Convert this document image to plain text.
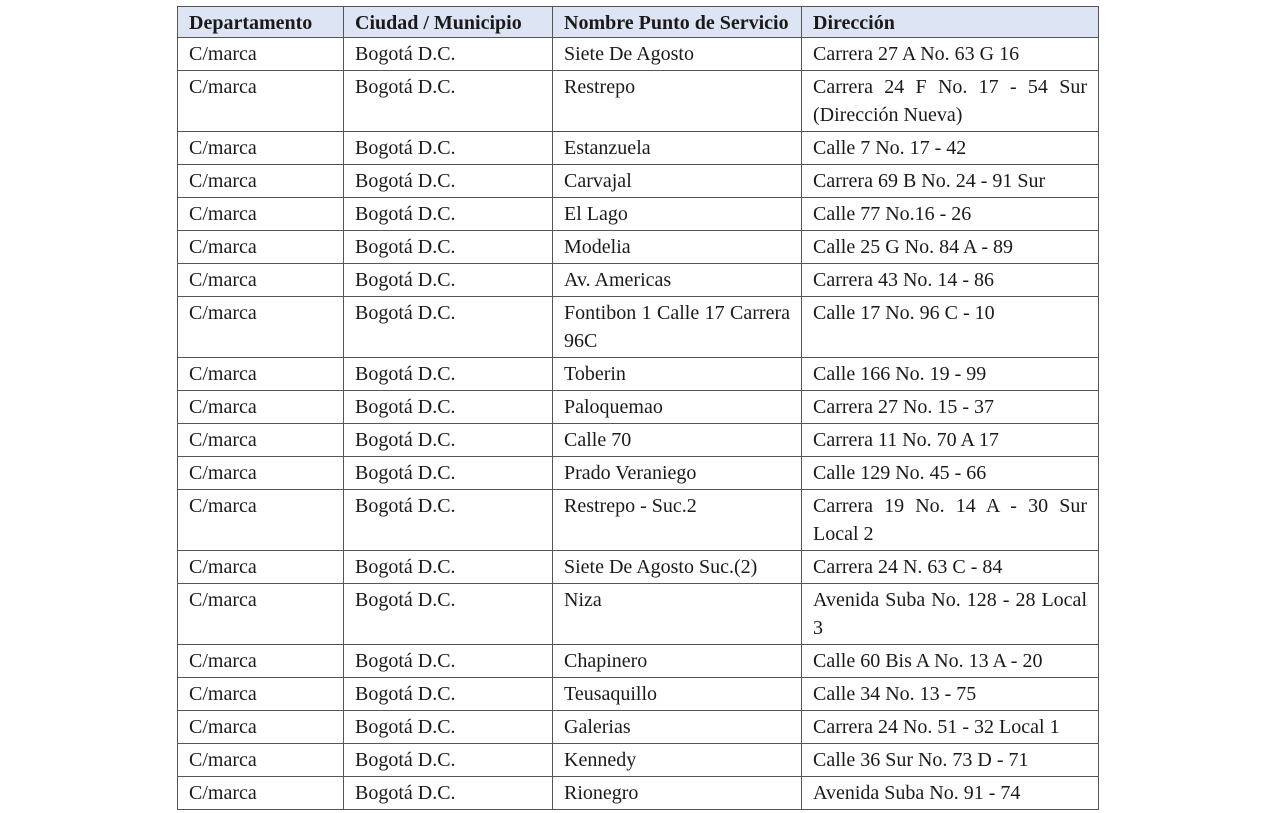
Departamento	Ciudad / Municipio	Nombre Punto de Servicio	Dirección
C/marca	Bogotá D.C.	Siete De Agosto	Carrera 27 A No. 63 G 16
C/marca	Bogotá D.C.	Restrepo	Carrera 24 F No. 17 - 54 Sur (Dirección Nueva)
C/marca	Bogotá D.C.	Estanzuela	Calle 7 No. 17 - 42
C/marca	Bogotá D.C.	Carvajal	Carrera 69 B No. 24 - 91 Sur
C/marca	Bogotá D.C.	El Lago	Calle 77 No.16 - 26
C/marca	Bogotá D.C.	Modelia	Calle 25 G No. 84 A - 89
C/marca	Bogotá D.C.	Av. Americas	Carrera 43 No. 14 - 86
C/marca	Bogotá D.C.	Fontibon 1 Calle 17 Carrera 96C	Calle 17 No. 96 C - 10
C/marca	Bogotá D.C.	Toberin	Calle 166 No. 19 - 99
C/marca	Bogotá D.C.	Paloquemao	Carrera 27 No. 15 - 37
C/marca	Bogotá D.C.	Calle 70	Carrera 11 No. 70 A 17
C/marca	Bogotá D.C.	Prado Veraniego	Calle 129 No. 45 - 66
C/marca	Bogotá D.C.	Restrepo - Suc.2	Carrera 19 No. 14 A - 30 Sur Local 2
C/marca	Bogotá D.C.	Siete De Agosto Suc.(2)	Carrera 24 N. 63 C - 84
C/marca	Bogotá D.C.	Niza	Avenida Suba No. 128 - 28 Local 3
C/marca	Bogotá D.C.	Chapinero	Calle 60 Bis A No. 13 A - 20
C/marca	Bogotá D.C.	Teusaquillo	Calle 34 No. 13 - 75
C/marca	Bogotá D.C.	Galerias	Carrera 24 No. 51 - 32 Local 1
C/marca	Bogotá D.C.	Kennedy	Calle 36 Sur No. 73 D - 71
C/marca	Bogotá D.C.	Rionegro	Avenida Suba No. 91 - 74
